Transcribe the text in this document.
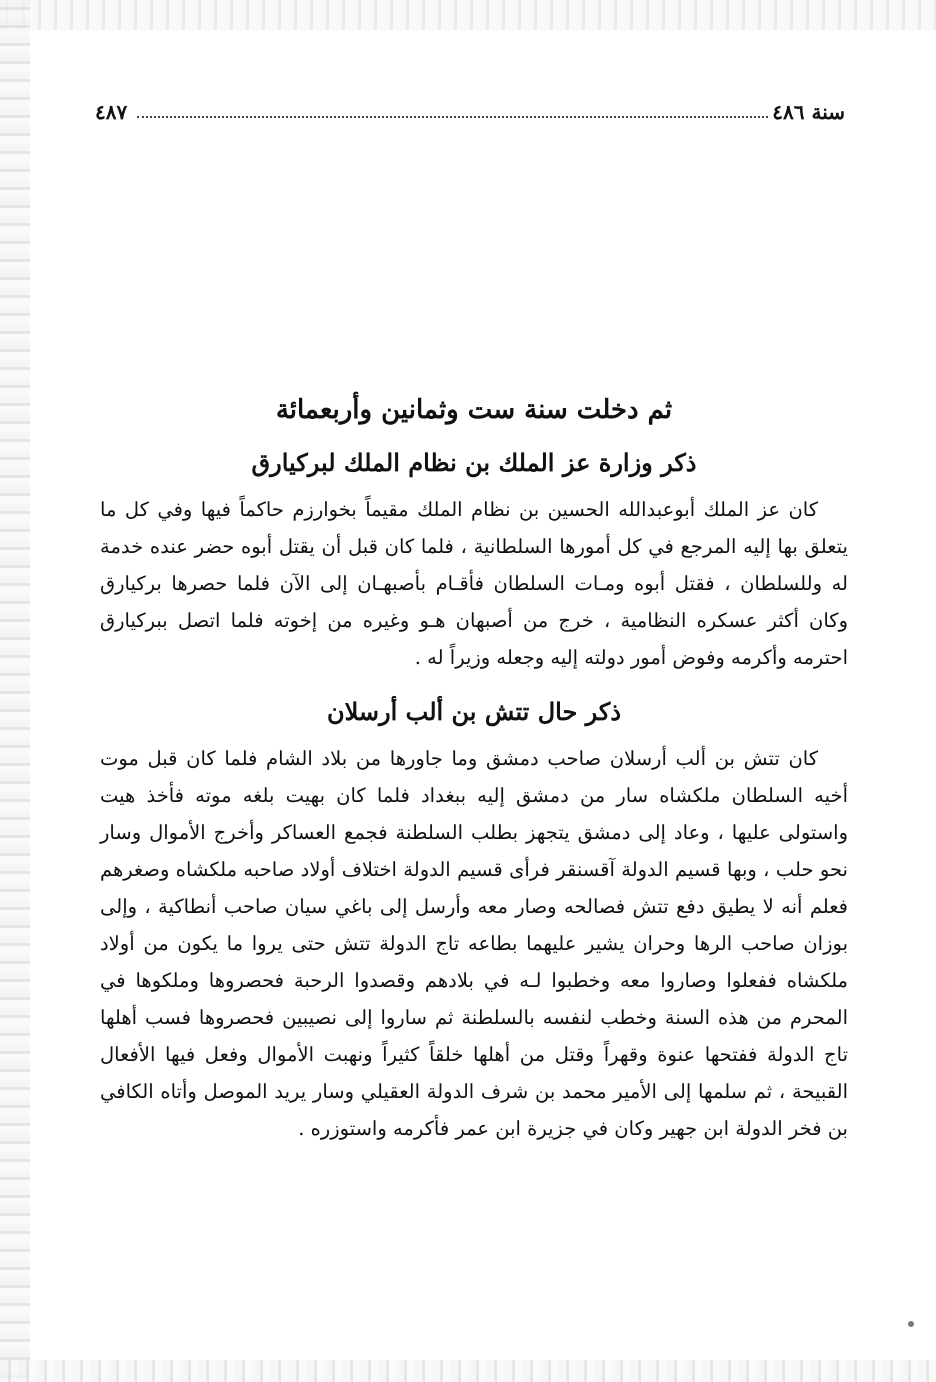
سنة ٤٨٦
٤٨٧
ثم دخلت سنة ست وثمانين وأربعمائة
ذكر وزارة عز الملك بن نظام الملك لبركيارق

كان عز الملك أبوعبدالله الحسين بن نظام الملك مقيماً بخوارزم حاكماً فيها وفي كل ما يتعلق بها إليه المرجع في كل أمورها السلطانية ، فلما كان قبل أن يقتل أبوه حضر عنده خدمة له وللسلطان ، فقتل أبوه ومـات السلطان فأقـام بأصبهـان إلى الآن فلما حصرها بركيارق وكان أكثر عسكره النظامية ، خرج من أصبهان هـو وغيره من إخوته فلما اتصل ببركيارق احترمه وأكرمه وفوض أمور دولته إليه وجعله وزيراً له .

ذكر حال تتش بن ألب أرسلان

كان تتش بن ألب أرسلان صاحب دمشق وما جاورها من بلاد الشام فلما كان قبل موت أخيه السلطان ملكشاه سار من دمشق إليه ببغداد فلما كان بهيت بلغه موته فأخذ هيت واستولى عليها ، وعاد إلى دمشق يتجهز بطلب السلطنة فجمع العساكر وأخرج الأموال وسار نحو حلب ، وبها قسيم الدولة آقسنقر فرأى قسيم الدولة اختلاف أولاد صاحبه ملكشاه وصغرهم فعلم أنه لا يطيق دفع تتش فصالحه وصار معه وأرسل إلى باغي سيان صاحب أنطاكية ، وإلى بوزان صاحب الرها وحران يشير عليهما بطاعه تاج الدولة تتش حتى يروا ما يكون من أولاد ملكشاه ففعلوا وصاروا معه وخطبوا لـه في بلادهم وقصدوا الرحبة فحصروها وملكوها في المحرم من هذه السنة وخطب لنفسه بالسلطنة ثم ساروا إلى نصيبين فحصروها فسب أهلها تاج الدولة ففتحها عنوة وقهراً وقتل من أهلها خلقاً كثيراً ونهبت الأموال وفعل فيها الأفعال القبيحة ، ثم سلمها إلى الأمير محمد بن شرف الدولة العقيلي وسار يريد الموصل وأتاه الكافي بن فخر الدولة ابن جهير وكان في جزيرة ابن عمر فأكرمه واستوزره .
